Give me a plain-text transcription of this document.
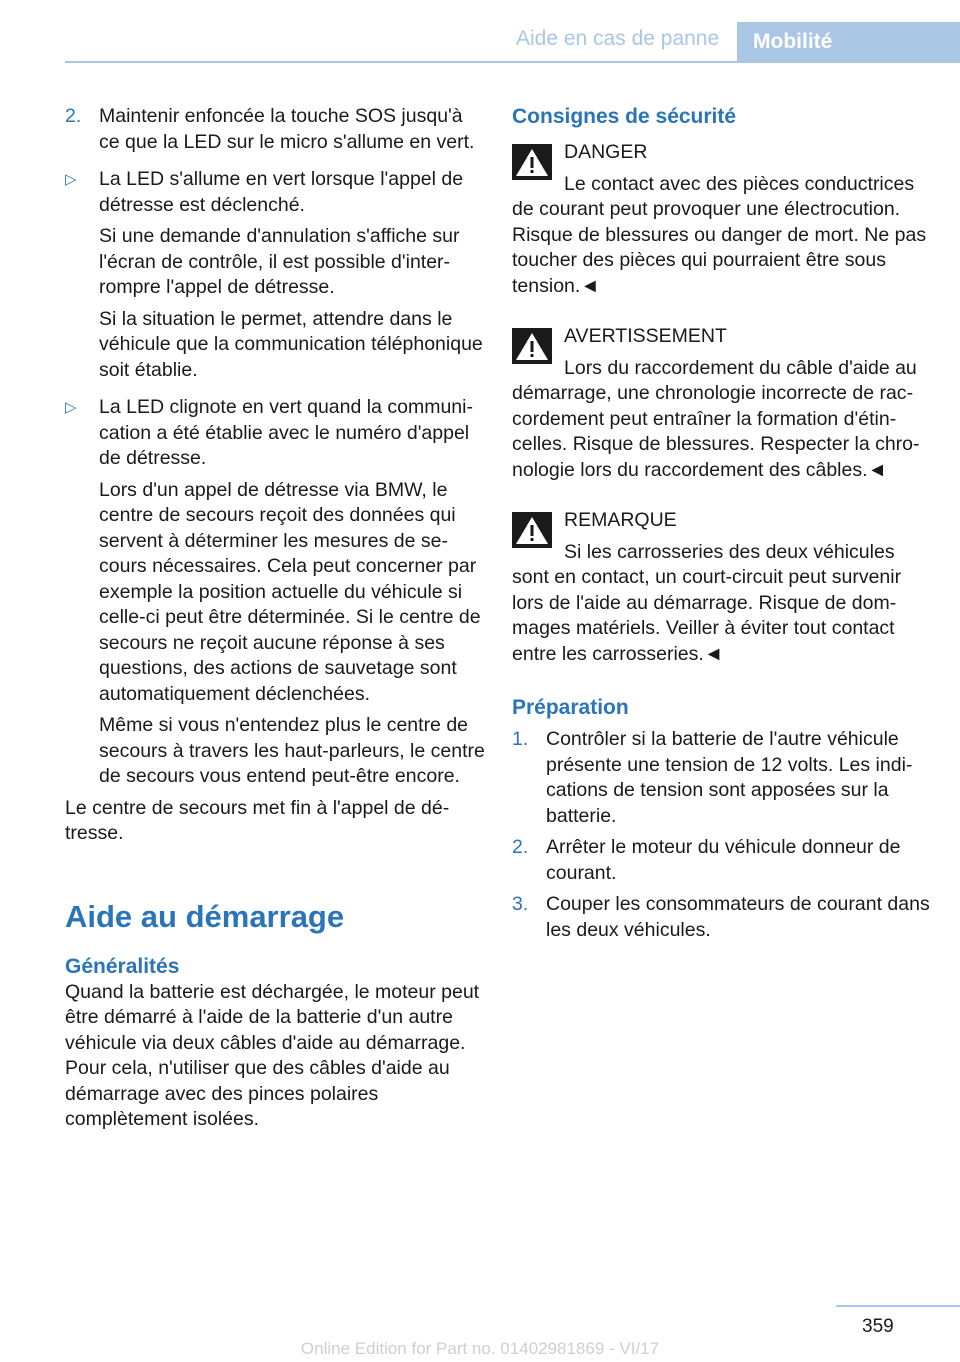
Aide en cas de panne	Mobilité
2. Maintenir enfoncée la touche SOS jusqu'à ce que la LED sur le micro s'allume en vert.

▷ La LED s'allume en vert lorsque l'appel de détresse est déclenché.

Si une demande d'annulation s'affiche sur l'écran de contrôle, il est possible d'interrompre l'appel de détresse.

Si la situation le permet, attendre dans le véhicule que la communication téléphonique soit établie.

▷ La LED clignote en vert quand la communication a été établie avec le numéro d'appel de détresse.

Lors d'un appel de détresse via BMW, le centre de secours reçoit des données qui servent à déterminer les mesures de secours nécessaires. Cela peut concerner par exemple la position actuelle du véhicule si celle-ci peut être déterminée. Si le centre de secours ne reçoit aucune réponse à ses questions, des actions de sauvetage sont automatiquement déclenchées.

Même si vous n'entendez plus le centre de secours à travers les haut-parleurs, le centre de secours vous entend peut-être encore.

Le centre de secours met fin à l'appel de détresse.

Aide au démarrage
Généralités

Quand la batterie est déchargée, le moteur peut être démarré à l'aide de la batterie d'un autre véhicule via deux câbles d'aide au démarrage. Pour cela, n'utiliser que des câbles d'aide au démarrage avec des pinces polaires complètement isolées.

Consignes de sécurité

DANGER

Le contact avec des pièces conductrices

de courant peut provoquer une électrocution. Risque de blessures ou danger de mort. Ne pas toucher des pièces qui pourraient être sous tension.◄

AVERTISSEMENT

Lors du raccordement du câble d'aide au

démarrage, une chronologie incorrecte de raccordement peut entraîner la formation d'étincelles. Risque de blessures. Respecter la chronologie lors du raccordement des câbles.◄

REMARQUE

Si les carrosseries des deux véhicules

sont en contact, un court-circuit peut survenir lors de l'aide au démarrage. Risque de dommages matériels. Veiller à éviter tout contact entre les carrosseries.◄

Préparation
1. Contrôler si la batterie de l'autre véhicule présente une tension de 12 volts. Les indications de tension sont apposées sur la batterie.

2. Arrêter le moteur du véhicule donneur de courant.

3. Couper les consommateurs de courant dans les deux véhicules.

359
Online Edition for Part no. 01402981869 - VI/17
